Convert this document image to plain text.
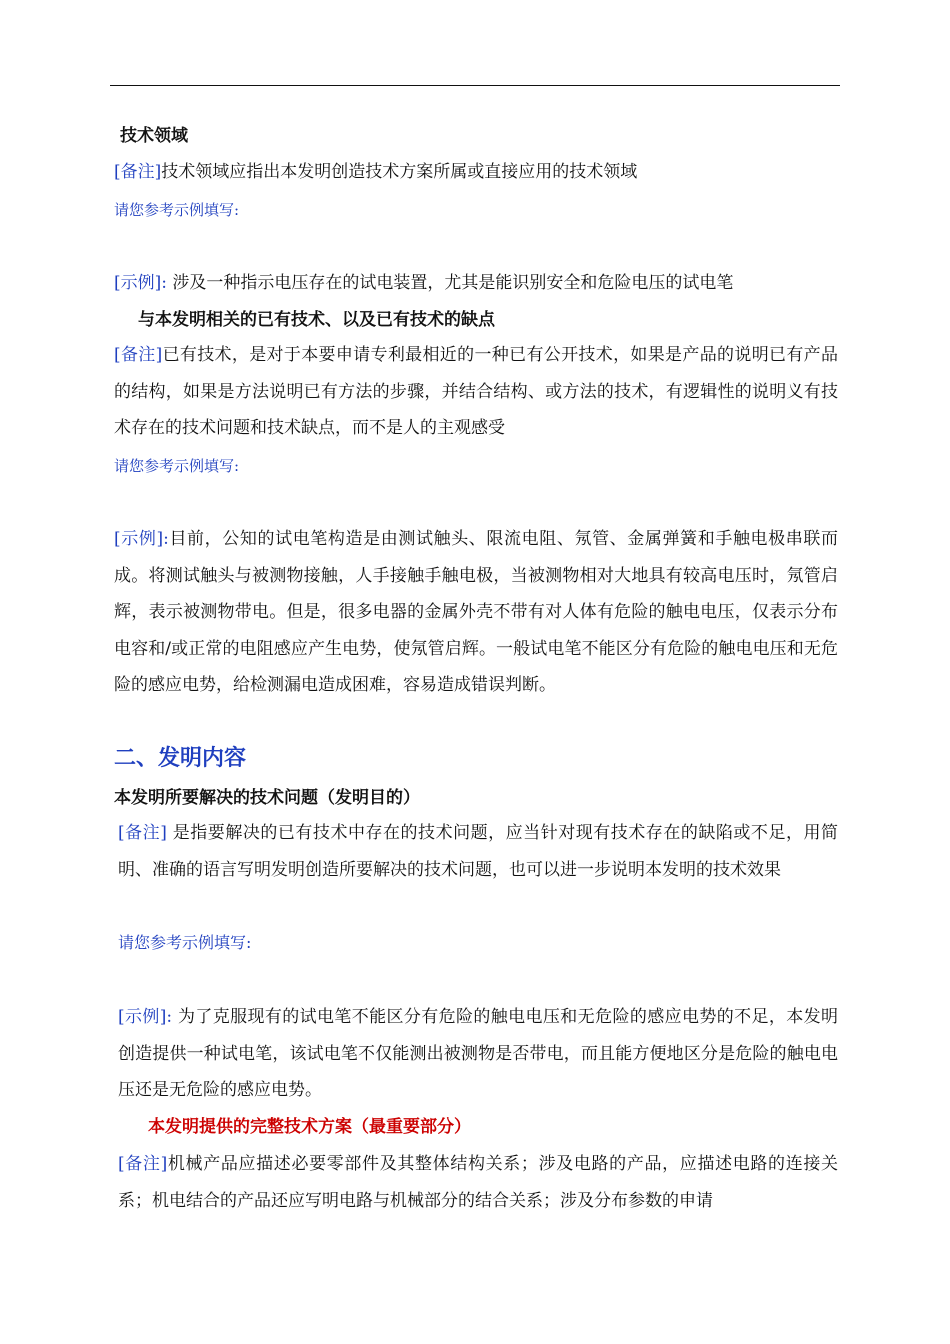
技术领域

[备注]技术领域应指出本发明创造技术方案所属或直接应用的技术领域

请您参考示例填写:

[示例]: 涉及一种指示电压存在的试电装置，尤其是能识别安全和危险电压的试电笔

与本发明相关的已有技术、以及已有技术的缺点

[备注]已有技术，是对于本要申请专利最相近的一种已有公开技术，如果是产品的说明已有产品的结构，如果是方法说明已有方法的步骤，并结合结构、或方法的技术，有逻辑性的说明义有技术存在的技术问题和技术缺点，而不是人的主观感受

请您参考示例填写:

[示例]:目前，公知的试电笔构造是由测试触头、限流电阻、氖管、金属弹簧和手触电极串联而成。将测试触头与被测物接触，人手接触手触电极，当被测物相对大地具有较高电压时，氖管启辉，表示被测物带电。但是，很多电器的金属外壳不带有对人体有危险的触电电压，仅表示分布电容和/或正常的电阻感应产生电势，使氖管启辉。一般试电笔不能区分有危险的触电电压和无危险的感应电势，给检测漏电造成困难，容易造成错误判断。

二、发明内容

本发明所要解决的技术问题（发明目的）

[备注] 是指要解决的已有技术中存在的技术问题，应当针对现有技术存在的缺陷或不足，用简明、准确的语言写明发明创造所要解决的技术问题，也可以进一步说明本发明的技术效果

请您参考示例填写:

[示例]: 为了克服现有的试电笔不能区分有危险的触电电压和无危险的感应电势的不足，本发明创造提供一种试电笔，该试电笔不仅能测出被测物是否带电，而且能方便地区分是危险的触电电压还是无危险的感应电势。

本发明提供的完整技术方案（最重要部分）

[备注]机械产品应描述必要零部件及其整体结构关系；涉及电路的产品，应描述电路的连接关系；机电结合的产品还应写明电路与机械部分的结合关系；涉及分布参数的申请
